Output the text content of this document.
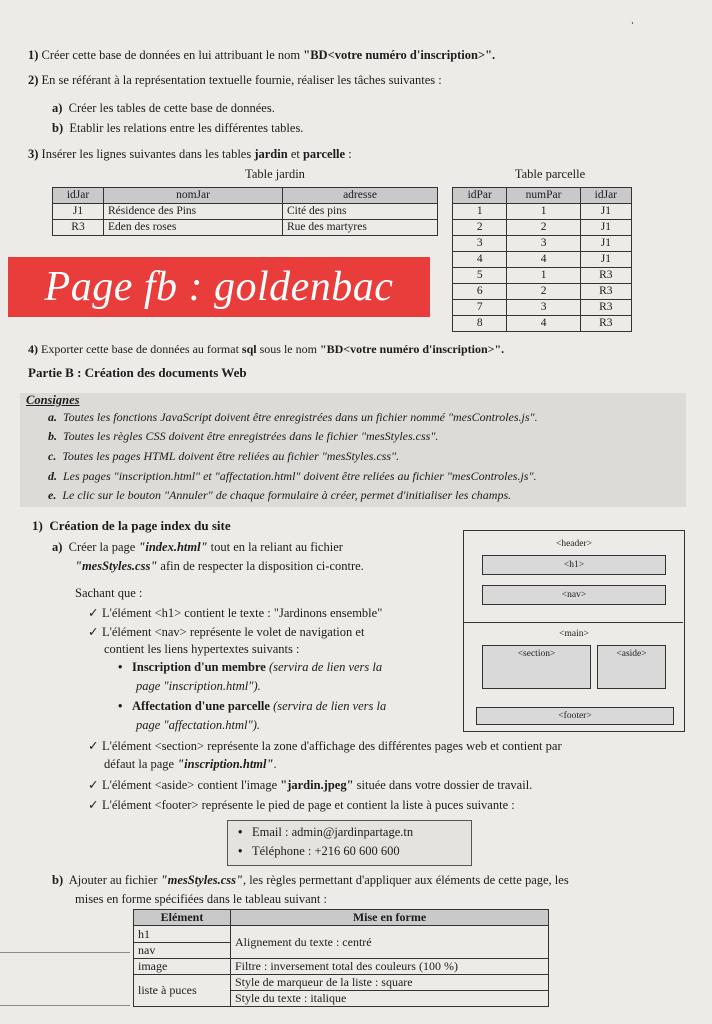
ˌ
1) Créer cette base de données en lui attribuant le nom "BD<votre numéro d'inscription>".
2) En se référant à la représentation textuelle fournie, réaliser les tâches suivantes :
a) Créer les tables de cette base de données.
b) Etablir les relations entre les différentes tables.
3) Insérer les lignes suivantes dans les tables jardin et parcelle :
Table jardin
idJar	nomJar	adresse
J1	Résidence des Pins	Cité des pins
R3	Eden des roses	Rue des martyres
Table parcelle
idPar	numPar	idJar
1	1	J1
2	2	J1
3	3	J1
4	4	J1
5	1	R3
6	2	R3
7	3	R3
8	4	R3
Page fb : goldenbac
4) Exporter cette base de données au format sql sous le nom "BD<votre numéro d'inscription>".
Partie B : Création des documents Web
Consignes
a. Toutes les fonctions JavaScript doivent être enregistrées dans un fichier nommé "mesControles.js".
b. Toutes les règles CSS doivent être enregistrées dans le fichier "mesStyles.css".
c. Toutes les pages HTML doivent être reliées au fichier "mesStyles.css".
d. Les pages "inscription.html" et "affectation.html" doivent être reliées au fichier "mesControles.js".
e. Le clic sur le bouton "Annuler" de chaque formulaire à créer, permet d'initialiser les champs.
1) Création de la page index du site
a) Créer la page "index.html" tout en la reliant au fichier
"mesStyles.css" afin de respecter la disposition ci-contre.
Sachant que :
✓ L'élément <h1> contient le texte : "Jardinons ensemble"
✓ L'élément <nav> représente le volet de navigation et
contient les liens hypertextes suivants :
• Inscription d'un membre (servira de lien vers la
page "inscription.html").
• Affectation d'une parcelle (servira de lien vers la
page "affectation.html").
✓ L'élément <section> représente la zone d'affichage des différentes pages web et contient par
défaut la page "inscription.html".
✓ L'élément <aside> contient l'image "jardin.jpeg" située dans votre dossier de travail.
✓ L'élément <footer> représente le pied de page et contient la liste à puces suivante :
<header>
<h1>
<nav>
<main>
<section>	<aside>
<footer>
• Email : admin@jardinpartage.tn
• Téléphone : +216 60 600 600
b) Ajouter au fichier "mesStyles.css", les règles permettant d'appliquer aux éléments de cette page, les
mises en forme spécifiées dans le tableau suivant :
Elément	Mise en forme

h1
nav	Alignement du texte : centré
image	Filtre : inversement total des couleurs (100 %)
liste à puces	Style de marqueur de la liste : square
Style du texte : italique
